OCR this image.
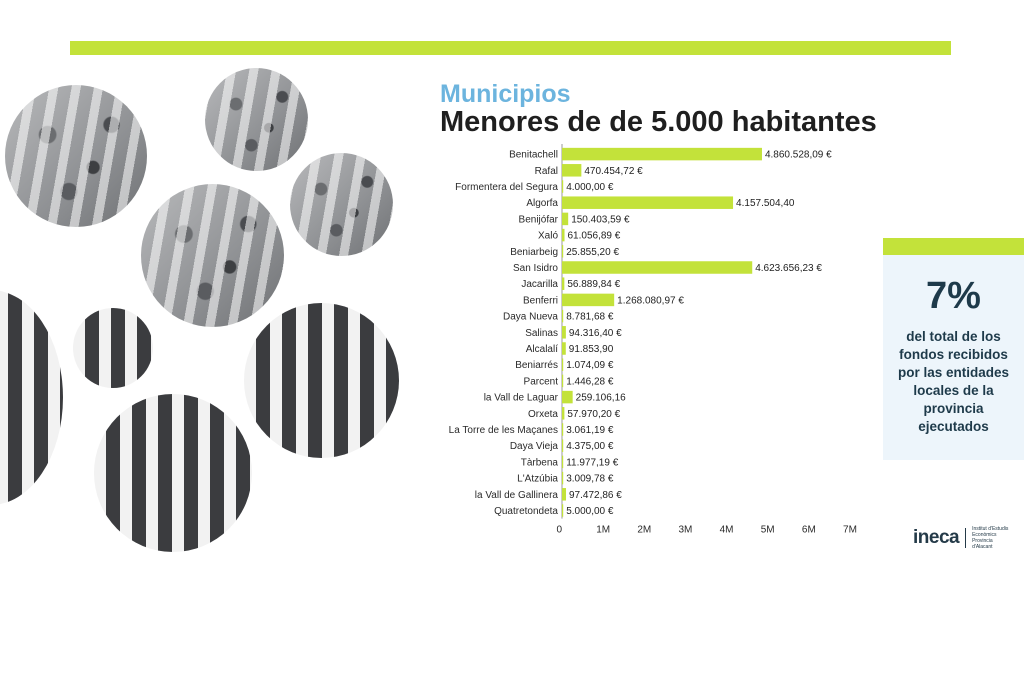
Municipios
Menores de de 5.000 habitantes
Benitachell	4.860.528,09 €
Rafal	470.454,72 €
Formentera del Segura 4.000,00 €
Algorfa	4.157.504,40
Benijófar 150.403,59 €
Xaló 61.056,89 €
Beniarbeig 25.855,20 €
San Isidro	4.623.656,23 €
Jacarilla 56.889,84 €
Benferri	1.268.080,97 €
Daya Nueva 8.781,68 €
Salinas 94.316,40 €
Alcalalí 91.853,90
Beniarrés 1.074,09 €
Parcent 1.446,28 €
la Vall de Laguar 259.106,16
Orxeta 57.970,20 €
La Torre de les Maçanes 3.061,19 €
Daya Vieja 4.375,00 €
Tàrbena 11.977,19 €
L'Atzúbia 3.009,78 €
la Vall de Gallinera 97.472,86 €
Quatretondeta 5.000,00 €
0	1M	2M	3M	4M	5M	6M	7M
7%
del total de los fondos recibidos por las entidades locales de la provincia ejecutados
ineca	Institut d'Estudis Econòmics Provincia d'Alacant
